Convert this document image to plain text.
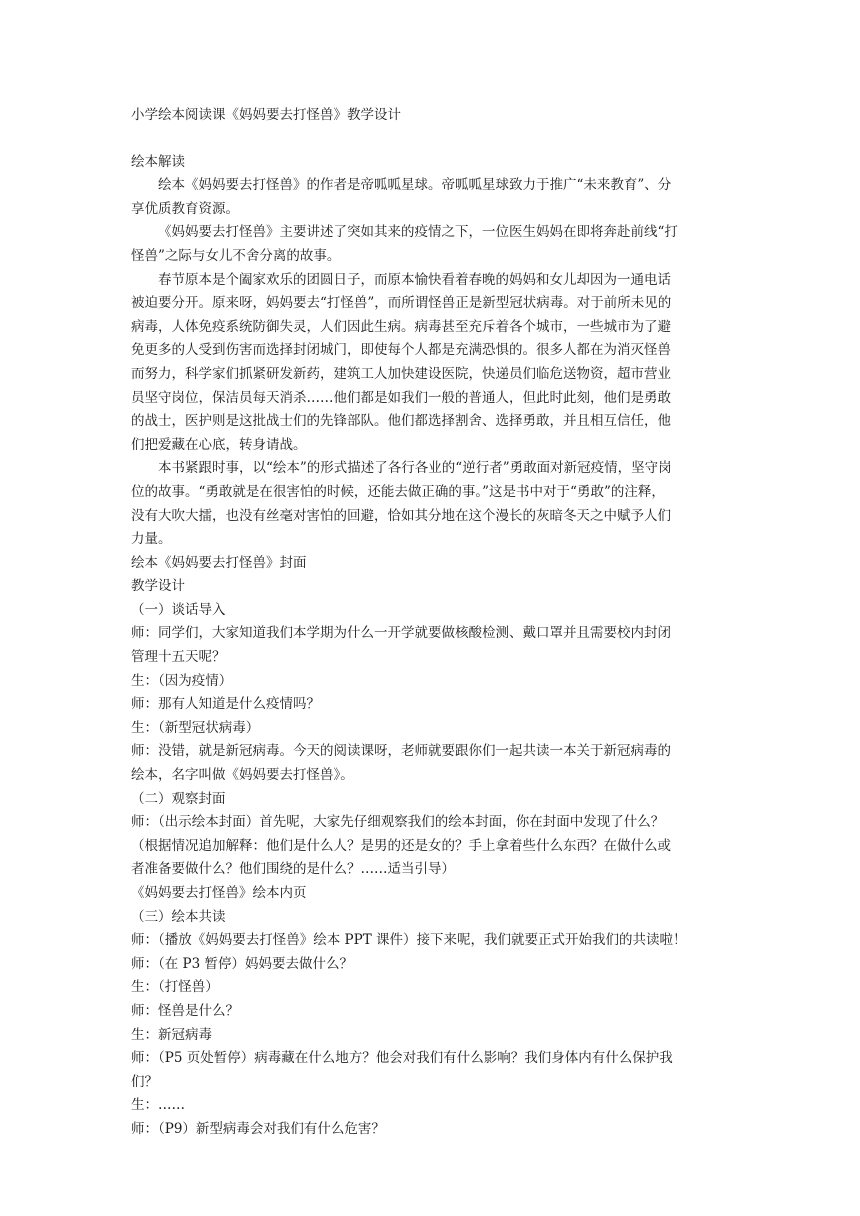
小学绘本阅读课《妈妈要去打怪兽》教学设计
绘本解读
绘本《妈妈要去打怪兽》的作者是帝呱呱星球。帝呱呱星球致力于推广“未来教育”、分
享优质教育资源。
《妈妈要去打怪兽》主要讲述了突如其来的疫情之下，一位医生妈妈在即将奔赴前线“打
怪兽”之际与女儿不舍分离的故事。
春节原本是个阖家欢乐的团圆日子，而原本愉快看着春晚的妈妈和女儿却因为一通电话
被迫要分开。原来呀，妈妈要去“打怪兽”，而所谓怪兽正是新型冠状病毒。对于前所未见的
病毒，人体免疫系统防御失灵，人们因此生病。病毒甚至充斥着各个城市，一些城市为了避
免更多的人受到伤害而选择封闭城门，即使每个人都是充满恐惧的。很多人都在为消灭怪兽
而努力，科学家们抓紧研发新药，建筑工人加快建设医院，快递员们临危送物资，超市营业
员坚守岗位，保洁员每天消杀……他们都是如我们一般的普通人，但此时此刻，他们是勇敢
的战士，医护则是这批战士们的先锋部队。他们都选择割舍、选择勇敢，并且相互信任，他
们把爱藏在心底，转身请战。
本书紧跟时事，以“绘本”的形式描述了各行各业的“逆行者”勇敢面对新冠疫情，坚守岗
位的故事。“勇敢就是在很害怕的时候，还能去做正确的事。”这是书中对于“勇敢”的注释，
没有大吹大擂，也没有丝毫对害怕的回避，恰如其分地在这个漫长的灰暗冬天之中赋予人们
力量。
绘本《妈妈要去打怪兽》封面
教学设计
（一）谈话导入
师：同学们，大家知道我们本学期为什么一开学就要做核酸检测、戴口罩并且需要校内封闭
管理十五天呢？
生：（因为疫情）
师：那有人知道是什么疫情吗？
生：（新型冠状病毒）
师：没错，就是新冠病毒。今天的阅读课呀，老师就要跟你们一起共读一本关于新冠病毒的
绘本，名字叫做《妈妈要去打怪兽》。
（二）观察封面
师：（出示绘本封面）首先呢，大家先仔细观察我们的绘本封面，你在封面中发现了什么？
（根据情况追加解释：他们是什么人？是男的还是女的？手上拿着些什么东西？在做什么或
者准备要做什么？他们围绕的是什么？……适当引导）
《妈妈要去打怪兽》绘本内页
（三）绘本共读
师：（播放《妈妈要去打怪兽》绘本 PPT 课件）接下来呢，我们就要正式开始我们的共读啦！
师：（在 P3 暂停）妈妈要去做什么？
生：（打怪兽）
师：怪兽是什么？
生：新冠病毒
师：（P5 页处暂停）病毒藏在什么地方？他会对我们有什么影响？我们身体内有什么保护我
们？
生：……
师：（P9）新型病毒会对我们有什么危害？
